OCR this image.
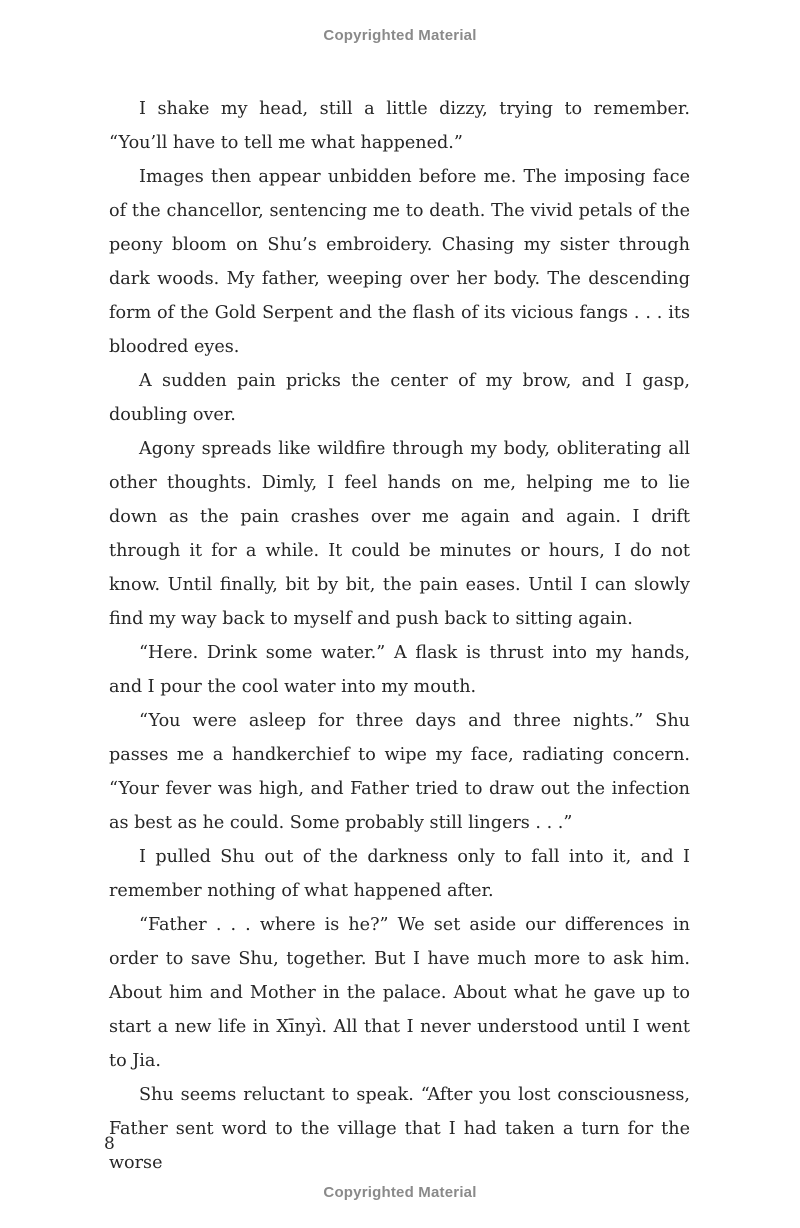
Copyrighted Material

I shake my head, still a little dizzy, trying to remember. “You’ll have to tell me what happened.”

Images then appear unbidden before me. The imposing face of the chancellor, sentencing me to death. The vivid petals of the peony bloom on Shu’s embroidery. Chasing my sister through dark woods. My father, weeping over her body. The descending form of the Gold Serpent and the flash of its vicious fangs . . . its bloodred eyes.

A sudden pain pricks the center of my brow, and I gasp, doubling over.

Agony spreads like wildfire through my body, obliterating all other thoughts. Dimly, I feel hands on me, helping me to lie down as the pain crashes over me again and again. I drift through it for a while. It could be minutes or hours, I do not know. Until finally, bit by bit, the pain eases. Until I can slowly find my way back to myself and push back to sitting again.

“Here. Drink some water.” A flask is thrust into my hands, and I pour the cool water into my mouth.

“You were asleep for three days and three nights.” Shu passes me a handkerchief to wipe my face, radiating concern. “Your fever was high, and Father tried to draw out the infection as best as he could. Some probably still lingers . . .”

I pulled Shu out of the darkness only to fall into it, and I remember nothing of what happened after.

“Father . . . where is he?” We set aside our differences in order to save Shu, together. But I have much more to ask him. About him and Mother in the palace. About what he gave up to start a new life in Xīnyì. All that I never understood until I went to Jia.

Shu seems reluctant to speak. “After you lost consciousness, Father sent word to the village that I had taken a turn for the worse

8
Copyrighted Material
